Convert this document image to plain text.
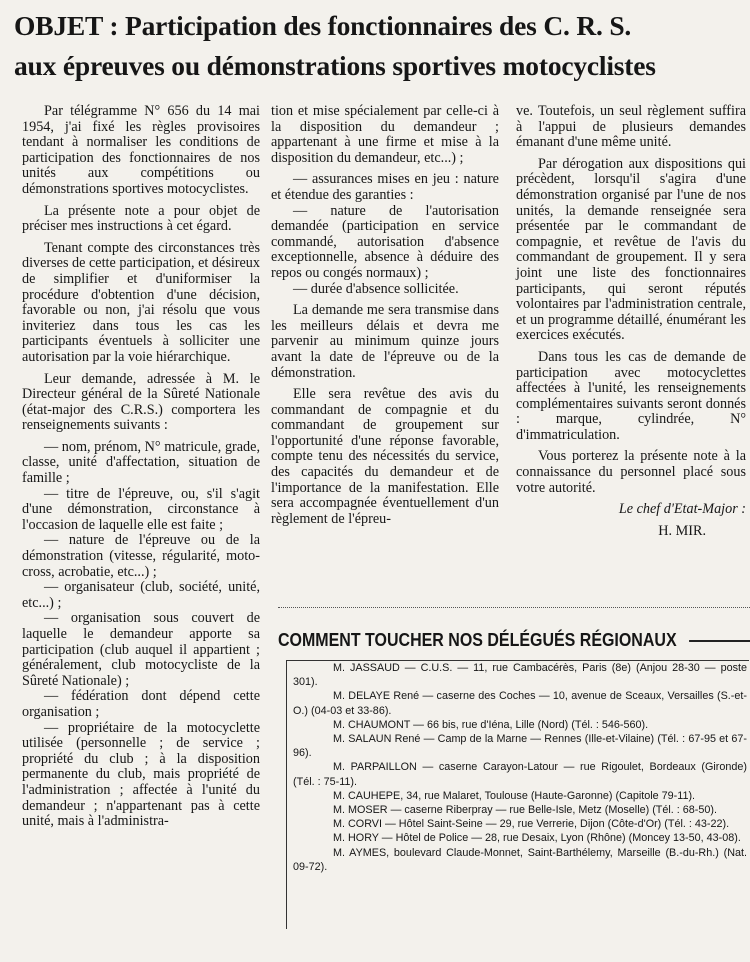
OBJET : Participation des fonctionnaires des C. R. S.
aux épreuves ou démonstrations sportives motocyclistes

Par télégramme N° 656 du 14 mai 1954, j'ai fixé les règles provisoires tendant à normaliser les conditions de participation des fonctionnaires de nos unités aux compétitions ou démonstrations sportives motocyclistes.

La présente note a pour objet de préciser mes instructions à cet égard.

Tenant compte des circonstances très diverses de cette participation, et désireux de simplifier et d'uniformiser la procédure d'obtention d'une décision, favorable ou non, j'ai résolu que vous inviteriez dans tous les cas les participants éventuels à solliciter une autorisation par la voie hiérarchique.

Leur demande, adressée à M. le Directeur général de la Sûreté Nationale (état-major des C.R.S.) comportera les renseignements suivants :

— nom, prénom, N° matricule, grade, classe, unité d'affectation, situation de famille ;

— titre de l'épreuve, ou, s'il s'agit d'une démonstration, circonstance à l'occasion de laquelle elle est faite ;

— nature de l'épreuve ou de la démonstration (vitesse, régularité, moto-cross, acrobatie, etc...) ;

— organisateur (club, société, unité, etc...) ;

— organisation sous couvert de laquelle le demandeur apporte sa participation (club auquel il appartient ; généralement, club motocycliste de la Sûreté Nationale) ;

— fédération dont dépend cette organisation ;

— propriétaire de la motocyclette utilisée (personnelle ; de service ; propriété du club ; à la disposition permanente du club, mais propriété de l'administration ; affectée à l'unité du demandeur ; n'appartenant pas à cette unité, mais à l'administra-

tion et mise spécialement par celle-ci à la disposition du demandeur ; appartenant à une firme et mise à la disposition du demandeur, etc...) ;

— assurances mises en jeu : nature et étendue des garanties :

— nature de l'autorisation demandée (participation en service commandé, autorisation d'absence exceptionnelle, absence à déduire des repos ou congés normaux) ;

— durée d'absence sollicitée.

La demande me sera transmise dans les meilleurs délais et devra me parvenir au minimum quinze jours avant la date de l'épreuve ou de la démonstration.

Elle sera revêtue des avis du commandant de compagnie et du commandant de groupement sur l'opportunité d'une réponse favorable, compte tenu des nécessités du service, des capacités du demandeur et de l'importance de la manifestation. Elle sera accompagnée éventuellement d'un règlement de l'épreu-

ve. Toutefois, un seul règlement suffira à l'appui de plusieurs demandes émanant d'une même unité.

Par dérogation aux dispositions qui précèdent, lorsqu'il s'agira d'une démonstration organisé par l'une de nos unités, la demande renseignée sera présentée par le commandant de compagnie, et revêtue de l'avis du commandant de groupement. Il y sera joint une liste des fonctionnaires participants, qui seront réputés volontaires par l'administration centrale, et un programme détaillé, énumérant les exercices exécutés.

Dans tous les cas de demande de participation avec motocyclettes affectées à l'unité, les renseignements complémentaires suivants seront donnés : marque, cylindrée, N° d'immatriculation.

Vous porterez la présente note à la connaissance du personnel placé sous votre autorité.

Le chef d'Etat-Major :

H. MIR.

COMMENT TOUCHER NOS DÉLÉGUÉS RÉGIONAUX
M. JASSAUD — C.U.S. — 11, rue Cambacérès, Paris (8e) (Anjou 28-30 — poste 301).
M. DELAYE René — caserne des Coches — 10, avenue de Sceaux, Versailles (S.-et-O.) (04-03 et 33-86).
M. CHAUMONT — 66 bis, rue d'Iéna, Lille (Nord) (Tél. : 546-560).
M. SALAUN René — Camp de la Marne — Rennes (Ille-et-Vilaine) (Tél. : 67-95 et 67-96).
M. PARPAILLON — caserne Carayon-Latour — rue Rigoulet, Bordeaux (Gironde) (Tél. : 75-11).
M. CAUHEPE, 34, rue Malaret, Toulouse (Haute-Garonne) (Capitole 79-11).
M. MOSER — caserne Riberpray — rue Belle-Isle, Metz (Moselle) (Tél. : 68-50).
M. CORVI — Hôtel Saint-Seine — 29, rue Verrerie, Dijon (Côte-d'Or) (Tél. : 43-22).
M. HORY — Hôtel de Police — 28, rue Desaix, Lyon (Rhône) (Moncey 13-50, 43-08).
M. AYMES, boulevard Claude-Monnet, Saint-Barthélemy, Marseille (B.-du-Rh.) (Nat. 09-72).
